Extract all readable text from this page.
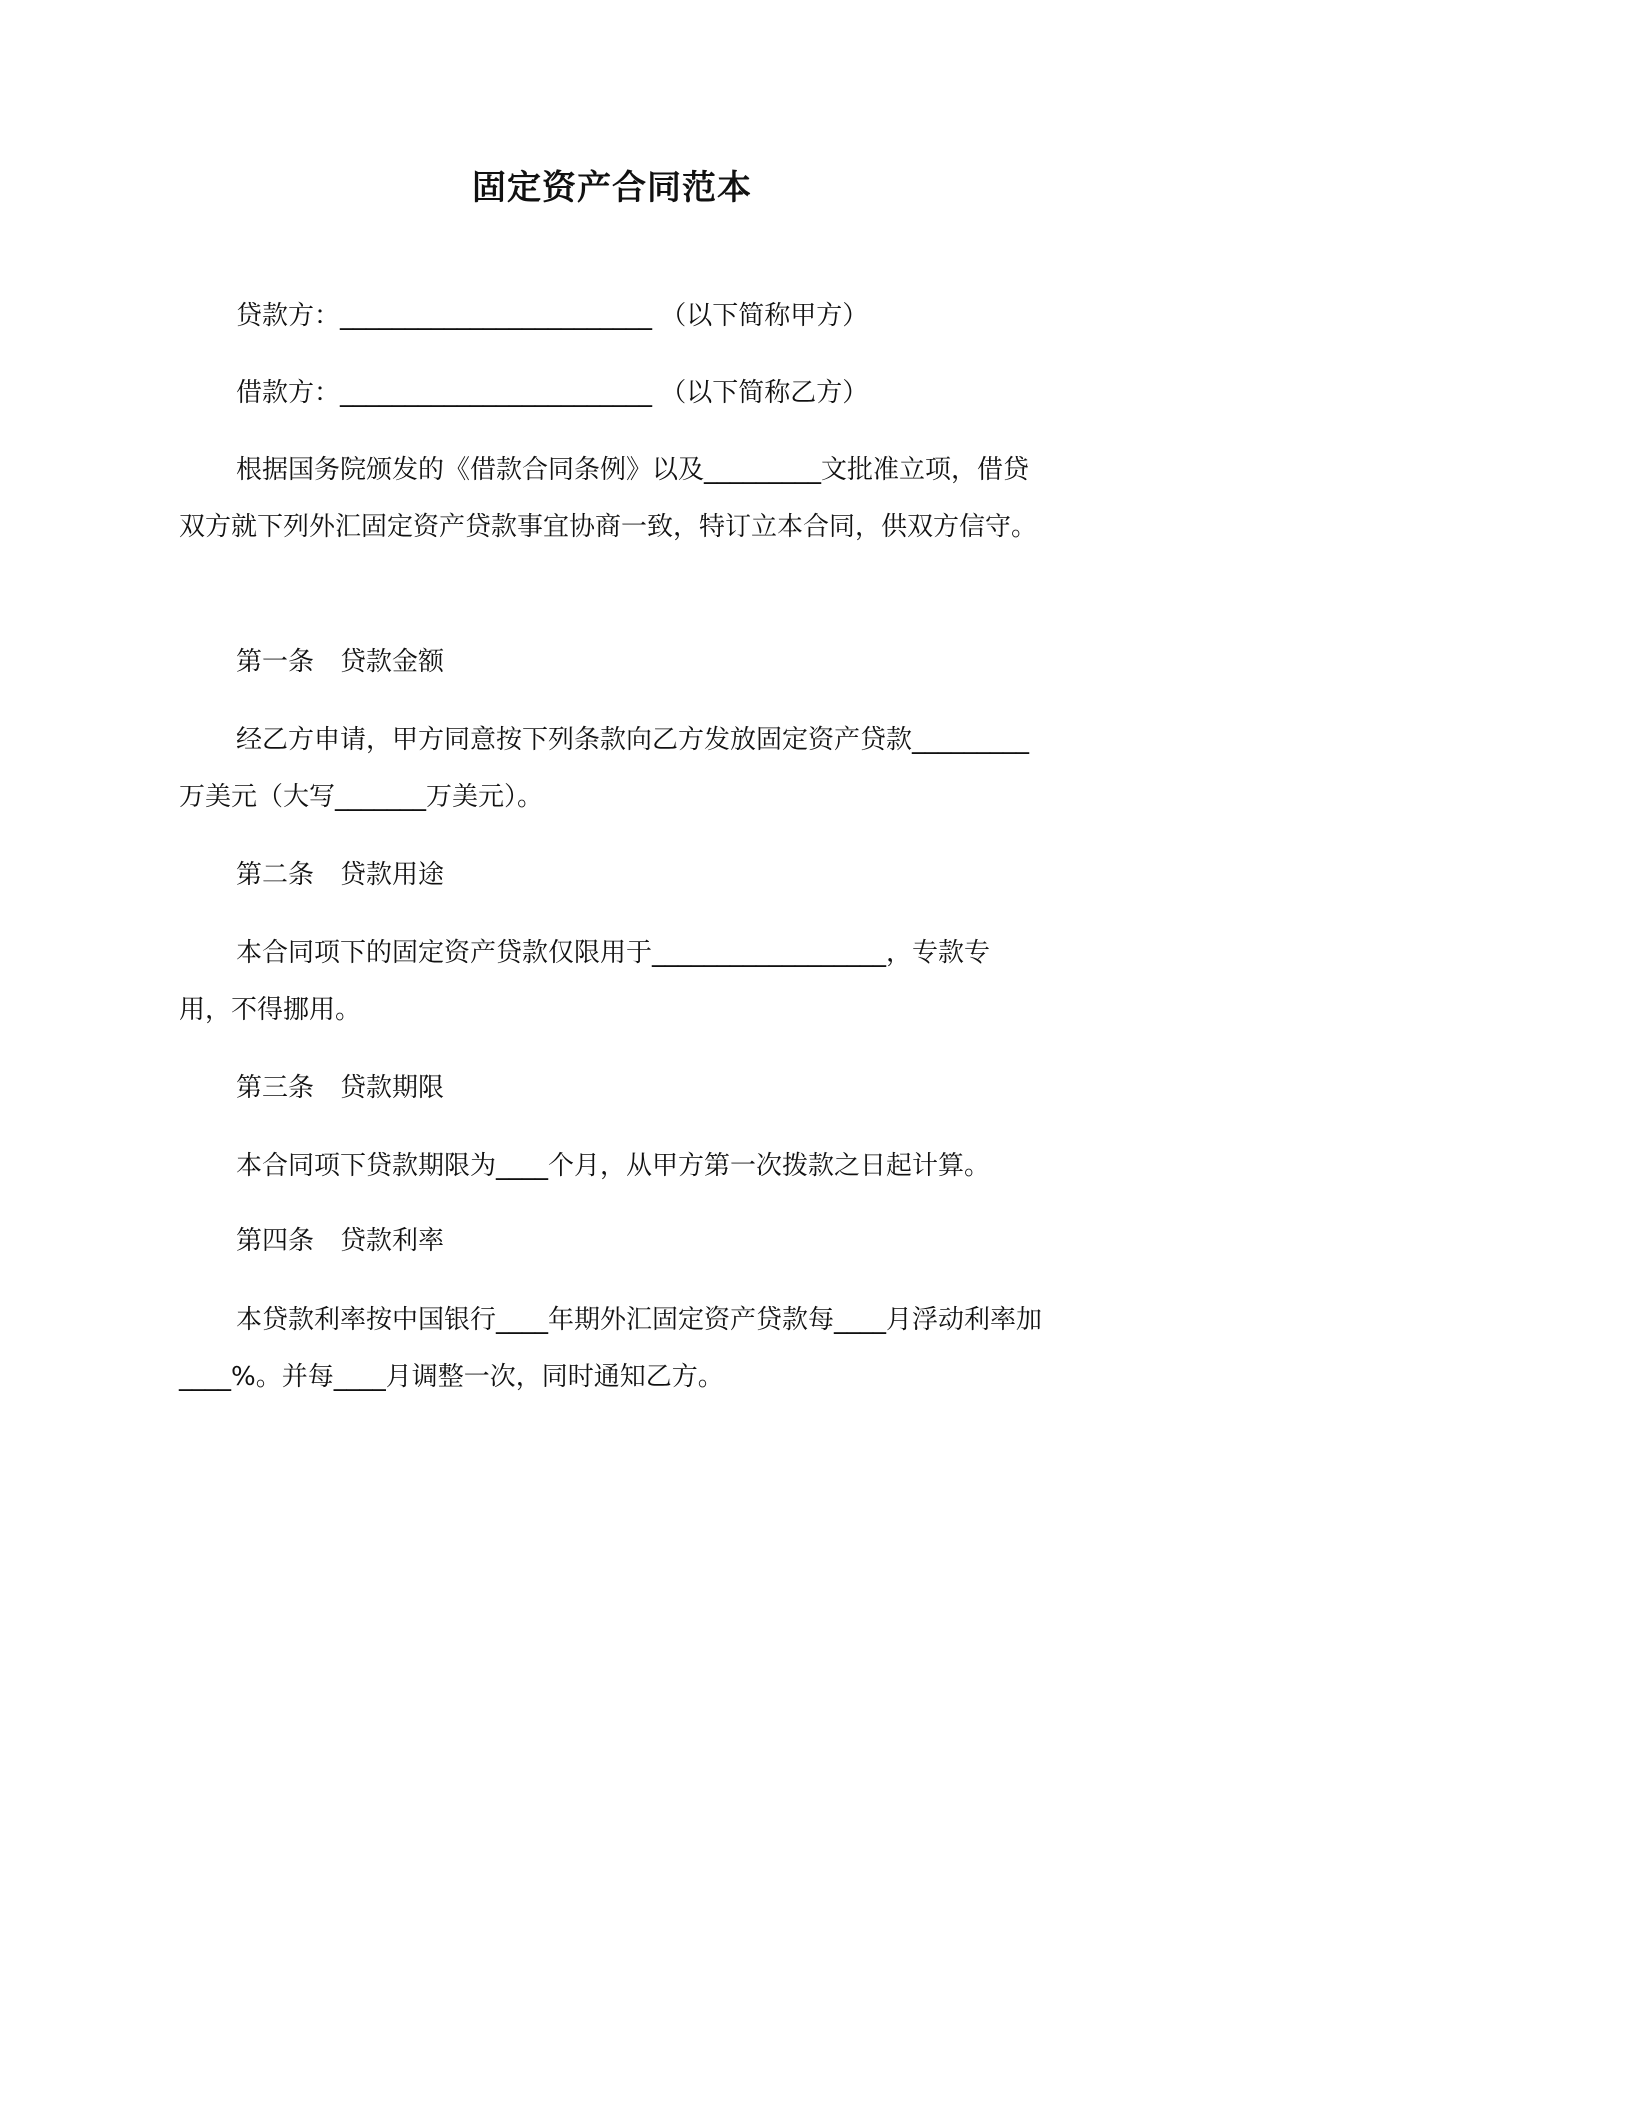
固定资产合同范本

贷款方：________________________ （以下简称甲方）

借款方：________________________ （以下简称乙方）

根据国务院颁发的《借款合同条例》以及_________文批准立项，借贷双方就下列外汇固定资产贷款事宜协商一致，特订立本合同，供双方信守。

第一条　贷款金额

经乙方申请，甲方同意按下列条款向乙方发放固定资产贷款_________万美元（大写_______万美元）。

第二条　贷款用途

本合同项下的固定资产贷款仅限用于__________________，专款专用，不得挪用。

第三条　贷款期限

本合同项下贷款期限为____个月，从甲方第一次拨款之日起计算。

第四条　贷款利率

本贷款利率按中国银行____年期外汇固定资产贷款每____月浮动利率加____%。并每____月调整一次，同时通知乙方。
